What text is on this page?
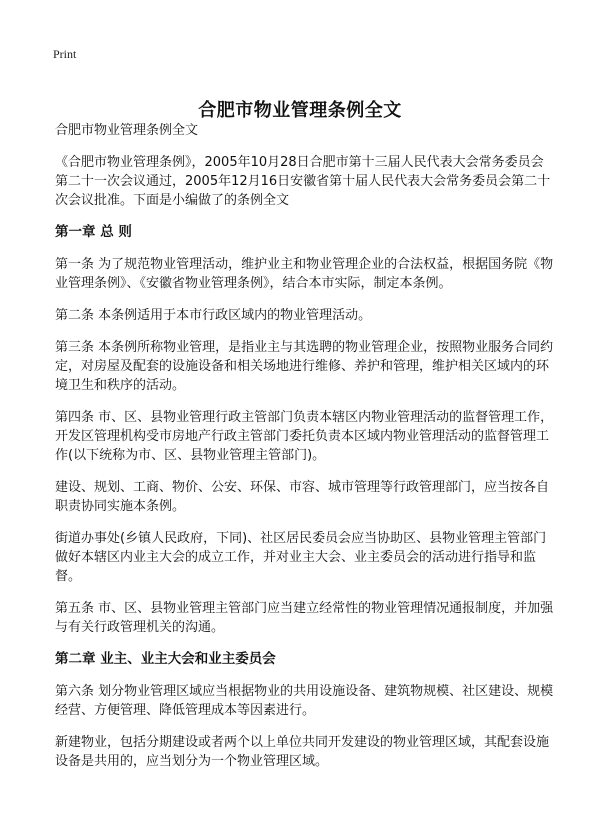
Print
合肥市物业管理条例全文

合肥市物业管理条例全文

《合肥市物业管理条例》，2005年10月28日合肥市第十三届人民代表大会常务委员会第二十一次会议通过，2005年12月16日安徽省第十届人民代表大会常务委员会第二十次会议批准。下面是小编做了的条例全文

第一章 总 则

第一条 为了规范物业管理活动，维护业主和物业管理企业的合法权益，根据国务院《物业管理条例》、《安徽省物业管理条例》，结合本市实际，制定本条例。

第二条 本条例适用于本市行政区域内的物业管理活动。

第三条 本条例所称物业管理，是指业主与其选聘的物业管理企业，按照物业服务合同约定，对房屋及配套的设施设备和相关场地进行维修、养护和管理，维护相关区域内的环境卫生和秩序的活动。

第四条 市、区、县物业管理行政主管部门负责本辖区内物业管理活动的监督管理工作，开发区管理机构受市房地产行政主管部门委托负责本区域内物业管理活动的监督管理工作(以下统称为市、区、县物业管理主管部门)。

建设、规划、工商、物价、公安、环保、市容、城市管理等行政管理部门，应当按各自职责协同实施本条例。

街道办事处(乡镇人民政府，下同)、社区居民委员会应当协助区、县物业管理主管部门做好本辖区内业主大会的成立工作，并对业主大会、业主委员会的活动进行指导和监督。

第五条 市、区、县物业管理主管部门应当建立经常性的物业管理情况通报制度，并加强与有关行政管理机关的沟通。

第二章 业主、业主大会和业主委员会

第六条 划分物业管理区域应当根据物业的共用设施设备、建筑物规模、社区建设、规模经营、方便管理、降低管理成本等因素进行。

新建物业，包括分期建设或者两个以上单位共同开发建设的物业管理区域，其配套设施设备是共用的，应当划分为一个物业管理区域。
